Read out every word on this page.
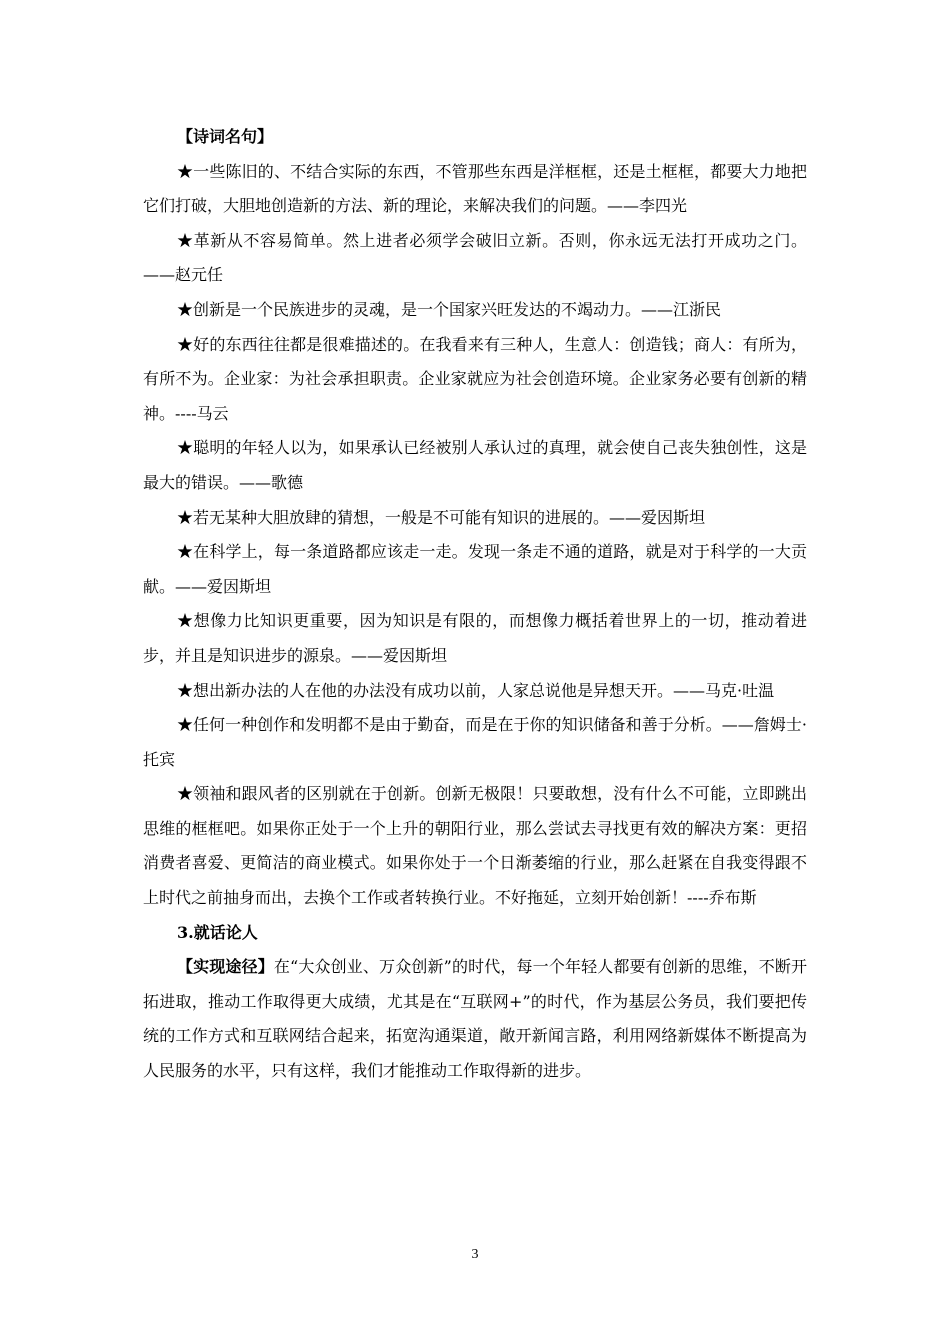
【诗词名句】

★一些陈旧的、不结合实际的东西，不管那些东西是洋框框，还是土框框，都要大力地把它们打破，大胆地创造新的方法、新的理论，来解决我们的问题。——李四光

★革新从不容易简单。然上进者必须学会破旧立新。否则，你永远无法打开成功之门。——赵元任

★创新是一个民族进步的灵魂，是一个国家兴旺发达的不竭动力。——江浙民

★好的东西往往都是很难描述的。在我看来有三种人，生意人：创造钱；商人：有所为，有所不为。企业家：为社会承担职责。企业家就应为社会创造环境。企业家务必要有创新的精神。----马云

★聪明的年轻人以为，如果承认已经被别人承认过的真理，就会使自己丧失独创性，这是最大的错误。——歌德

★若无某种大胆放肆的猜想，一般是不可能有知识的进展的。——爱因斯坦

★在科学上，每一条道路都应该走一走。发现一条走不通的道路，就是对于科学的一大贡献。——爱因斯坦

★想像力比知识更重要，因为知识是有限的，而想像力概括着世界上的一切，推动着进步，并且是知识进步的源泉。——爱因斯坦

★想出新办法的人在他的办法没有成功以前，人家总说他是异想天开。——马克·吐温

★任何一种创作和发明都不是由于勤奋，而是在于你的知识储备和善于分析。——詹姆士·托宾

★领袖和跟风者的区别就在于创新。创新无极限！只要敢想，没有什么不可能，立即跳出思维的框框吧。如果你正处于一个上升的朝阳行业，那么尝试去寻找更有效的解决方案：更招消费者喜爱、更简洁的商业模式。如果你处于一个日渐萎缩的行业，那么赶紧在自我变得跟不上时代之前抽身而出，去换个工作或者转换行业。不好拖延，立刻开始创新！----乔布斯

3.就话论人

【实现途径】在“大众创业、万众创新”的时代，每一个年轻人都要有创新的思维，不断开拓进取，推动工作取得更大成绩，尤其是在“互联网+”的时代，作为基层公务员，我们要把传统的工作方式和互联网结合起来，拓宽沟通渠道，敞开新闻言路，利用网络新媒体不断提高为人民服务的水平，只有这样，我们才能推动工作取得新的进步。

3
